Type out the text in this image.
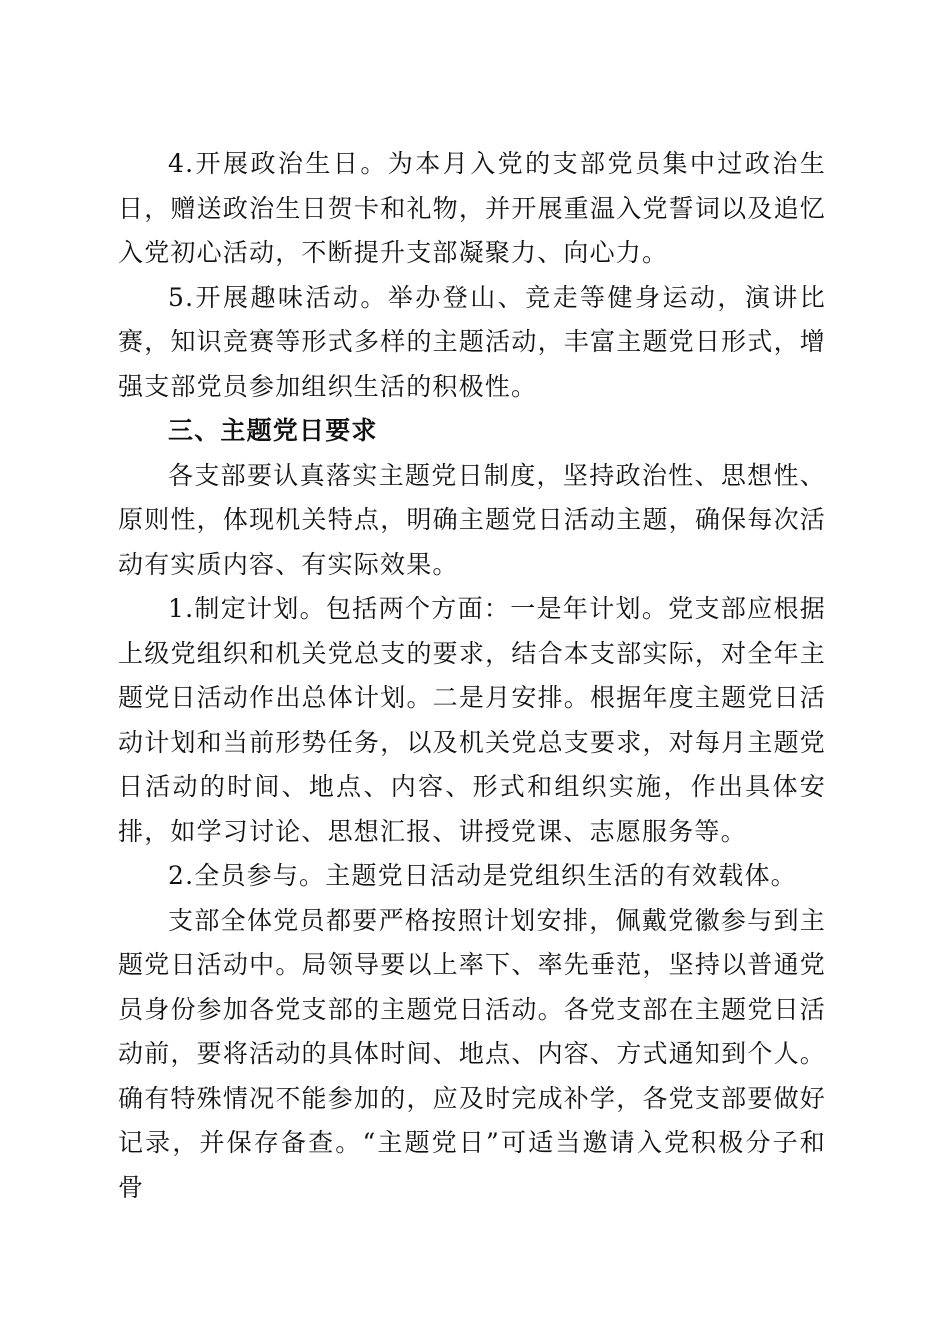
4.开展政治生日。为本月入党的支部党员集中过政治生日，赠送政治生日贺卡和礼物，并开展重温入党誓词以及追忆入党初心活动，不断提升支部凝聚力、向心力。

5.开展趣味活动。举办登山、竞走等健身运动，演讲比赛，知识竞赛等形式多样的主题活动，丰富主题党日形式，增强支部党员参加组织生活的积极性。

三、主题党日要求

各支部要认真落实主题党日制度，坚持政治性、思想性、原则性，体现机关特点，明确主题党日活动主题，确保每次活动有实质内容、有实际效果。

1.制定计划。包括两个方面：一是年计划。党支部应根据上级党组织和机关党总支的要求，结合本支部实际，对全年主题党日活动作出总体计划。二是月安排。根据年度主题党日活动计划和当前形势任务，以及机关党总支要求，对每月主题党日活动的时间、地点、内容、形式和组织实施，作出具体安排，如学习讨论、思想汇报、讲授党课、志愿服务等。

2.全员参与。主题党日活动是党组织生活的有效载体。

支部全体党员都要严格按照计划安排，佩戴党徽参与到主题党日活动中。局领导要以上率下、率先垂范，坚持以普通党员身份参加各党支部的主题党日活动。各党支部在主题党日活动前，要将活动的具体时间、地点、内容、方式通知到个人。确有特殊情况不能参加的，应及时完成补学，各党支部要做好记录，并保存备查。“主题党日”可适当邀请入党积极分子和骨
